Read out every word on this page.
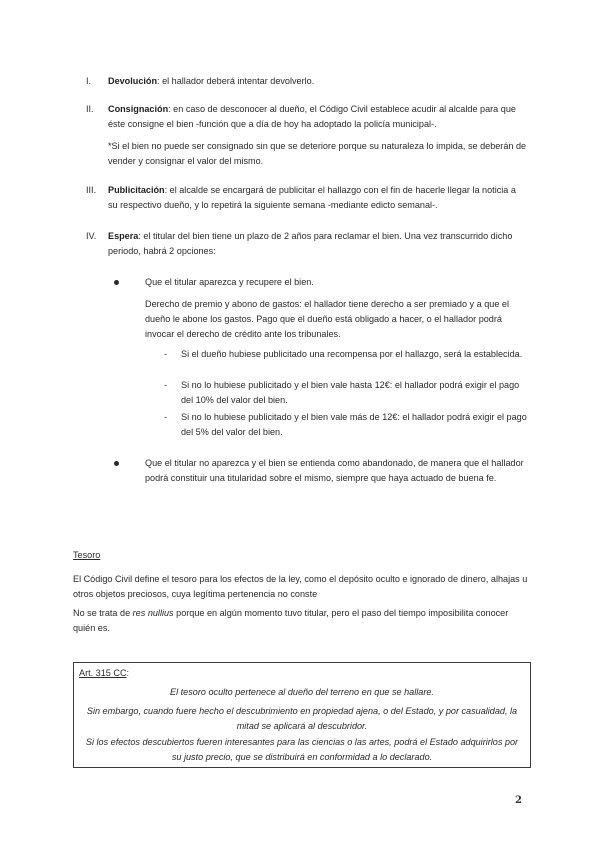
I. Devolución: el hallador deberá intentar devolverlo.

II. Consignación: en caso de desconocer al dueño, el Código Civil establece acudir al alcalde para que éste consigne el bien -función que a día de hoy ha adoptado la policía municipal-.

*Si el bien no puede ser consignado sin que se deteriore porque su naturaleza lo impida, se deberán de vender y consignar el valor del mismo.

III. Publicitación: el alcalde se encargará de publicitar el hallazgo con el fin de hacerle llegar la noticia a su respectivo dueño, y lo repetirá la siguiente semana -mediante edicto semanal-.

IV. Espera: el titular del bien tiene un plazo de 2 años para reclamar el bien. Una vez transcurrido dicho periodo, habrá 2 opciones:

Que el titular aparezca y recupere el bien.

Derecho de premio y abono de gastos: el hallador tiene derecho a ser premiado y a que el dueño le abone los gastos. Pago que el dueño está obligado a hacer, o el hallador podrá invocar el derecho de crédito ante los tribunales.

- Si el dueño hubiese publicitado una recompensa por el hallazgo, será la establecida.
- Si no lo hubiese publicitado y el bien vale hasta 12€: el hallador podrá exigir el pago del 10% del valor del bien.
- Si no lo hubiese publicitado y el bien vale más de 12€: el hallador podrá exigir el pago del 5% del valor del bien.

Que el titular no aparezca y el bien se entienda como abandonado, de manera que el hallador podrá constituir una titularidad sobre el mismo, siempre que haya actuado de buena fe.

Tesoro

El Código Civil define el tesoro para los efectos de la ley, como el depósito oculto e ignorado de dinero, alhajas u otros objetos preciosos, cuya legítima pertenencia no conste

No se trata de res nullius porque en algún momento tuvo titular, pero el paso del tiempo imposibilita conocer quién es.

Art. 315 CC:
El tesoro oculto pertenece al dueño del terreno en que se hallare.
Sin embargo, cuando fuere hecho el descubrimiento en propiedad ajena, o del Estado, y por casualidad, la mitad se aplicará al descubridor.
Si los efectos descubiertos fueren interesantes para las ciencias o las artes, podrá el Estado adquirirlos por su justo precio, que se distribuirá en conformidad a lo declarado.
2
